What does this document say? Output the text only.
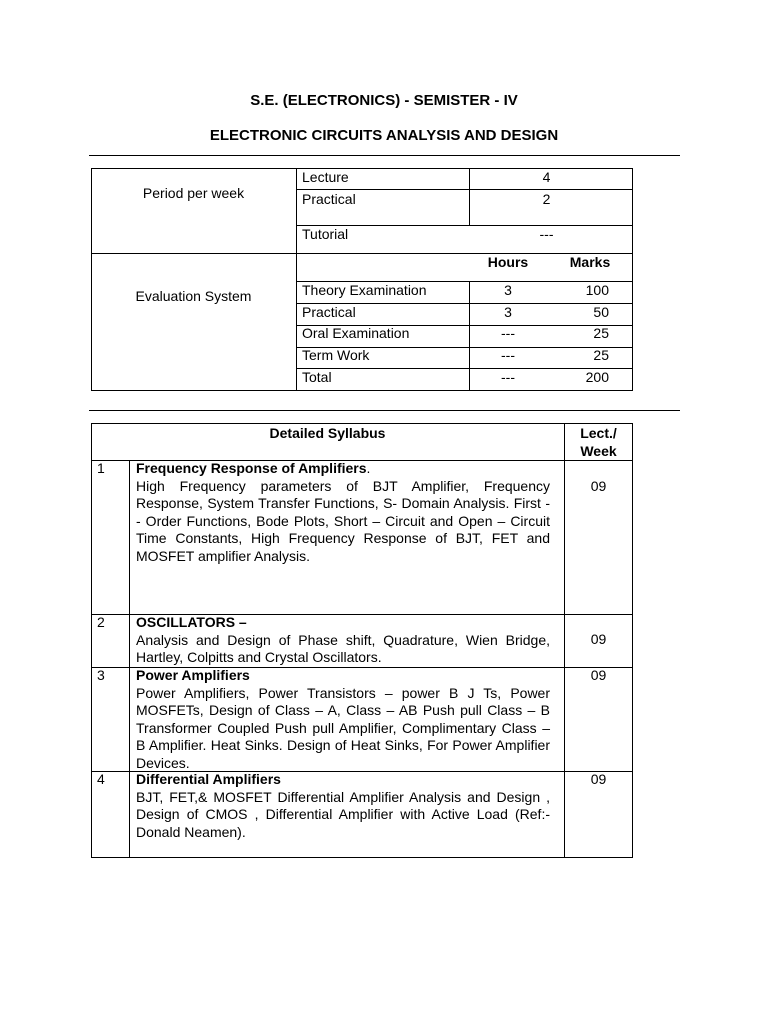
S.E. (ELECTRONICS) - SEMISTER - IV
ELECTRONIC CIRCUITS ANALYSIS AND DESIGN
Period per week
Lecture	4
Practical	2
Tutorial	---
Evaluation System
Hours	Marks
Theory Examination	3	100
Practical	3	50
Oral Examination	---	25
Term Work	---	25
Total	---	200
Detailed Syllabus	Lect./
Week
1 Frequency Response of Amplifiers.
High Frequency parameters of BJT Amplifier, Frequency Response, System Transfer Functions, S- Domain Analysis. First -- Order Functions, Bode Plots, Short – Circuit and Open – Circuit Time Constants, High Frequency Response of BJT, FET and MOSFET amplifier Analysis.
09
2 OSCILLATORS –
Analysis and Design of Phase shift, Quadrature, Wien Bridge, Hartley, Colpitts and Crystal Oscillators.
09
3 Power Amplifiers
Power Amplifiers, Power Transistors – power B J Ts, Power MOSFETs, Design of Class – A, Class – AB Push pull Class – B Transformer Coupled Push pull Amplifier, Complimentary Class – B Amplifier. Heat Sinks. Design of Heat Sinks, For Power Amplifier Devices.
09
4 Differential Amplifiers
BJT, FET,& MOSFET Differential Amplifier Analysis and Design , Design of CMOS , Differential Amplifier with Active Load (Ref:- Donald Neamen).
09
